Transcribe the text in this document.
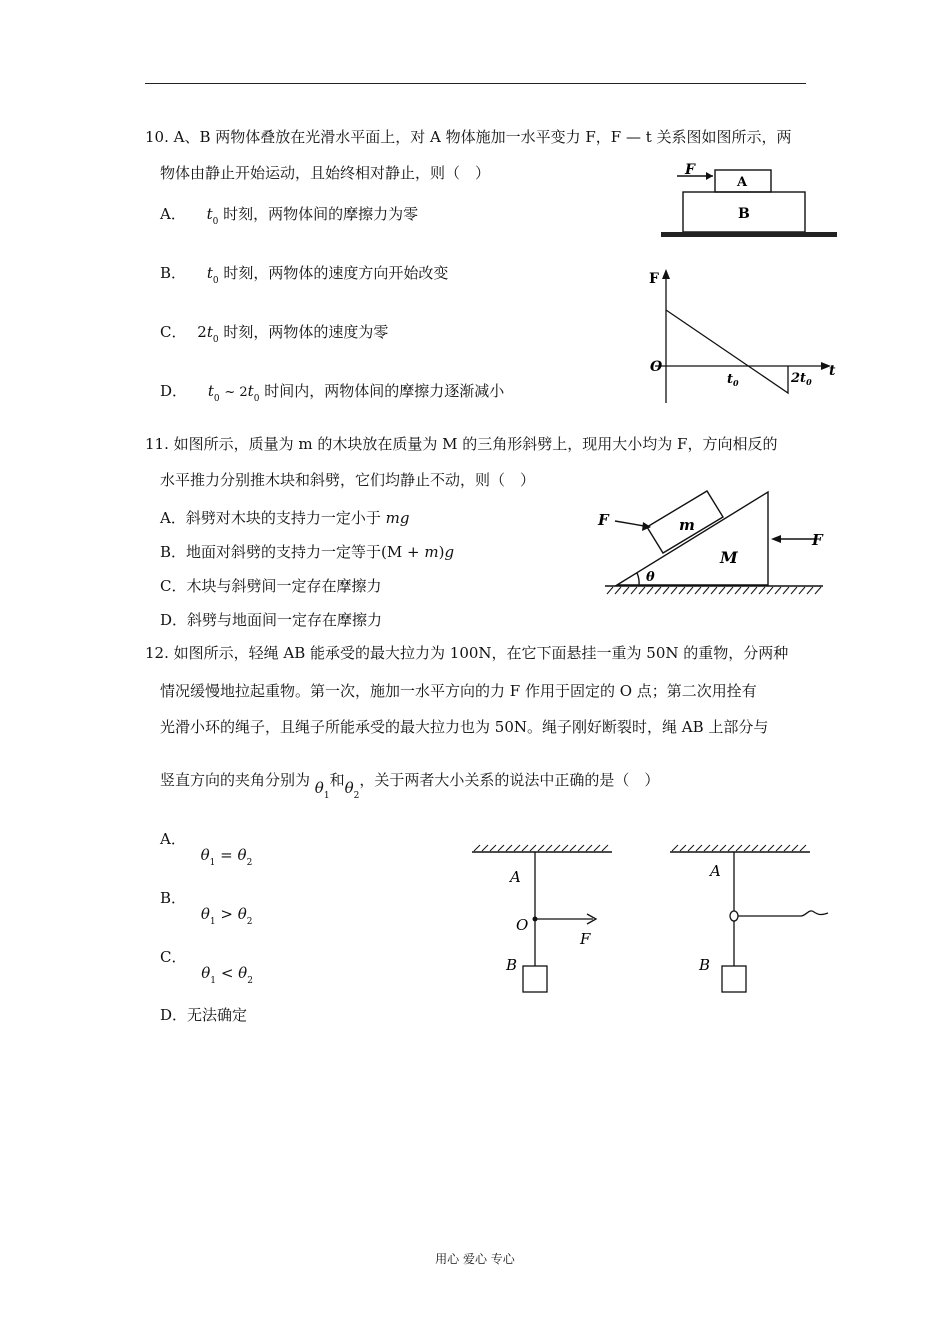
10. A、B 两物体叠放在光滑水平面上，对 A 物体施加一水平变力 F，F — t 关系图如图所示，两
物体由静止开始运动，且始终相对静止，则（　）
A． $t_0$ 时刻，两物体间的摩擦力为零
B． $t_0$ 时刻，两物体的速度方向开始改变
C． $2t_0$ 时刻，两物体的速度为零
D． $t_0$ ~ $2t_0$ 时间内，两物体间的摩擦力逐渐减小
F
A
B
F
O	t
$t_0$	$2t_0$
11. 如图所示，质量为 m 的木块放在质量为 M 的三角形斜劈上，现用大小均为 F，方向相反的
水平推力分别推木块和斜劈，它们均静止不动，则（　）
A．斜劈对木块的支持力一定小于 mg
B．地面对斜劈的支持力一定等于(M + m)g
C．木块与斜劈间一定存在摩擦力
D．斜劈与地面间一定存在摩擦力
F
F
m
M
θ
12. 如图所示，轻绳 AB 能承受的最大拉力为 100N，在它下面悬挂一重为 50N 的重物，分两种
情况缓慢地拉起重物。第一次，施加一水平方向的力 F 作用于固定的 O 点；第二次用拴有
光滑小环的绳子，且绳子所能承受的最大拉力也为 50N。绳子刚好断裂时，绳 AB 上部分与
竖直方向的夹角分别为 $\theta_1$和$\theta_2$，关于两者大小关系的说法中正确的是（　）
A． $\theta_1 = \theta_2$
B． $\theta_1 > \theta_2$
C． $\theta_1 < \theta_2$
D．无法确定
A
O
F
B
A
B
用心 爱心 专心
